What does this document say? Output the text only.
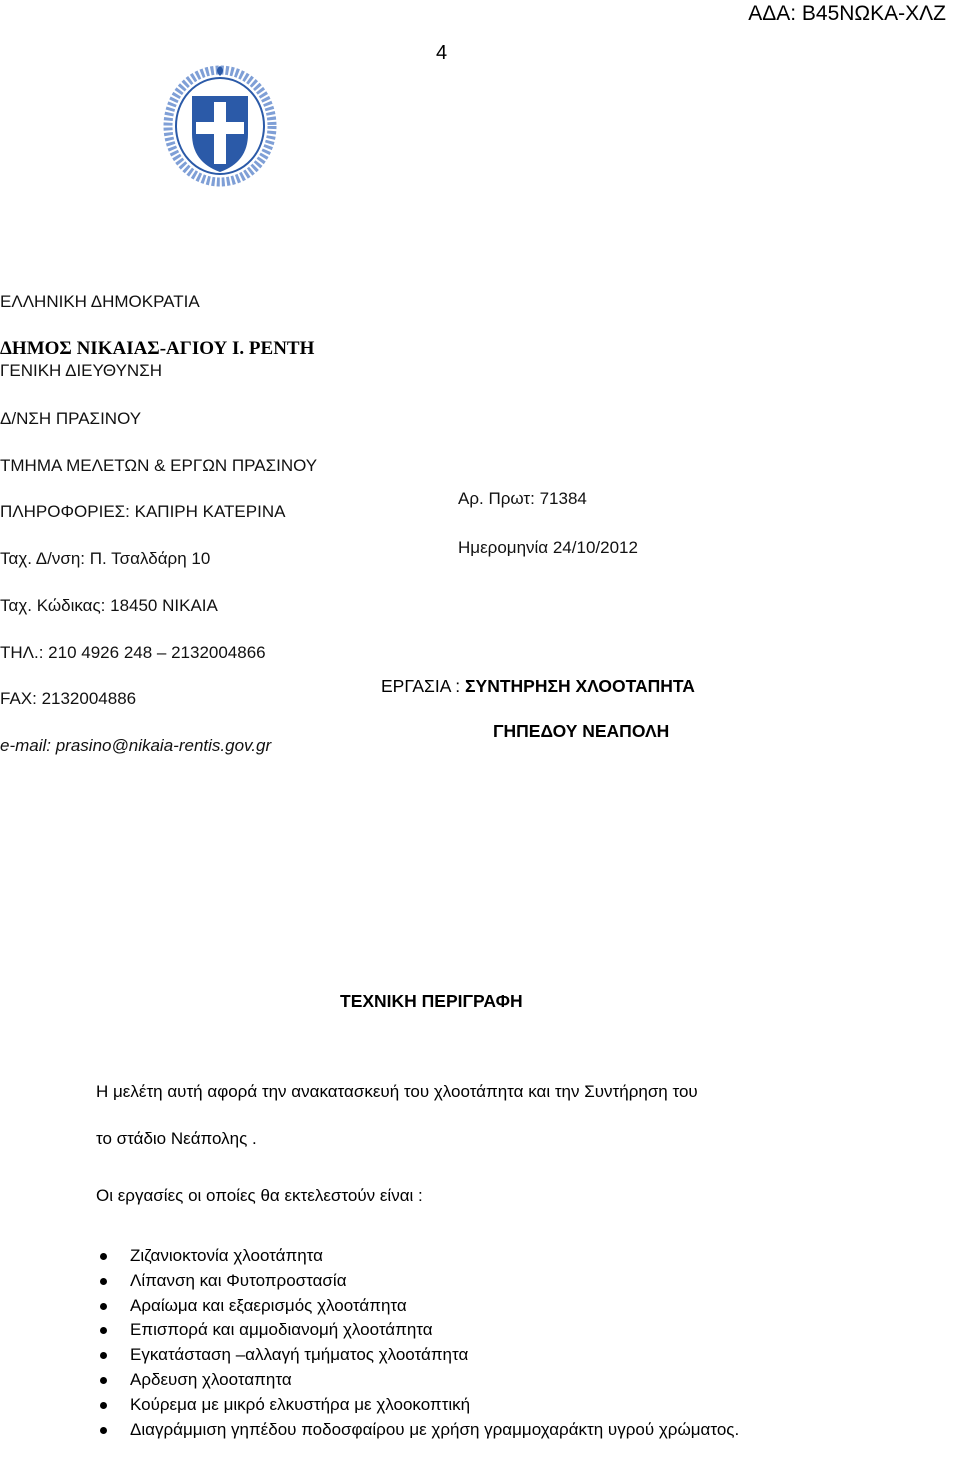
ΑΔΑ: Β45ΝΩΚΑ-ΧΛΖ
4
ΕΛΛΗΝΙΚΗ ΔΗΜΟΚΡΑΤΙΑ
ΔΗΜΟΣ ΝΙΚΑΙΑΣ-ΑΓΙΟΥ Ι. ΡΕΝΤΗ
ΓΕΝΙΚΗ ΔΙΕΥΘΥΝΣΗ
Δ/ΝΣΗ ΠΡΑΣΙΝΟΥ
ΤΜΗΜΑ ΜΕΛΕΤΩΝ & ΕΡΓΩΝ ΠΡΑΣΙΝΟΥ
ΠΛΗΡΟΦΟΡΙΕΣ: ΚΑΠΙΡΗ ΚΑΤΕΡΙΝΑ
Ταχ. Δ/νση: Π. Τσαλδάρη 10
Ταχ. Κώδικας: 18450 ΝΙΚΑΙΑ
ΤΗΛ.: 210 4926 248 – 2132004866
FAX: 2132004886
e-mail: prasino@nikaia-rentis.gov.gr
Αρ. Πρωτ: 71384
Ημερομηνία 24/10/2012
ΕΡΓΑΣΙΑ : ΣΥΝΤΗΡΗΣΗ ΧΛΟΟΤΑΠΗΤΑ
ΓΗΠΕΔΟΥ ΝΕΑΠΟΛΗ
ΤΕΧΝΙΚΗ ΠΕΡΙΓΡΑΦΗ
Η μελέτη αυτή αφορά την ανακατασκευή του χλοοτάπητα και την Συντήρηση του
το στάδιο Νεάπολης .
Οι εργασίες οι οποίες θα εκτελεστούν είναι :
Ζιζανιοκτονία χλοοτάπητα
Λίπανση και Φυτοπροστασία
Αραίωμα και εξαερισμός χλοοτάπητα
Επισπορά και αμμοδιανομή χλοοτάπητα
Εγκατάσταση –αλλαγή τμήματος χλοοτάπητα
Αρδευση χλοοταπητα
Κούρεμα με μικρό ελκυστήρα με χλοοκοπτική
Διαγράμμιση γηπέδου ποδοσφαίρου με χρήση γραμμοχαράκτη υγρού χρώματος.
